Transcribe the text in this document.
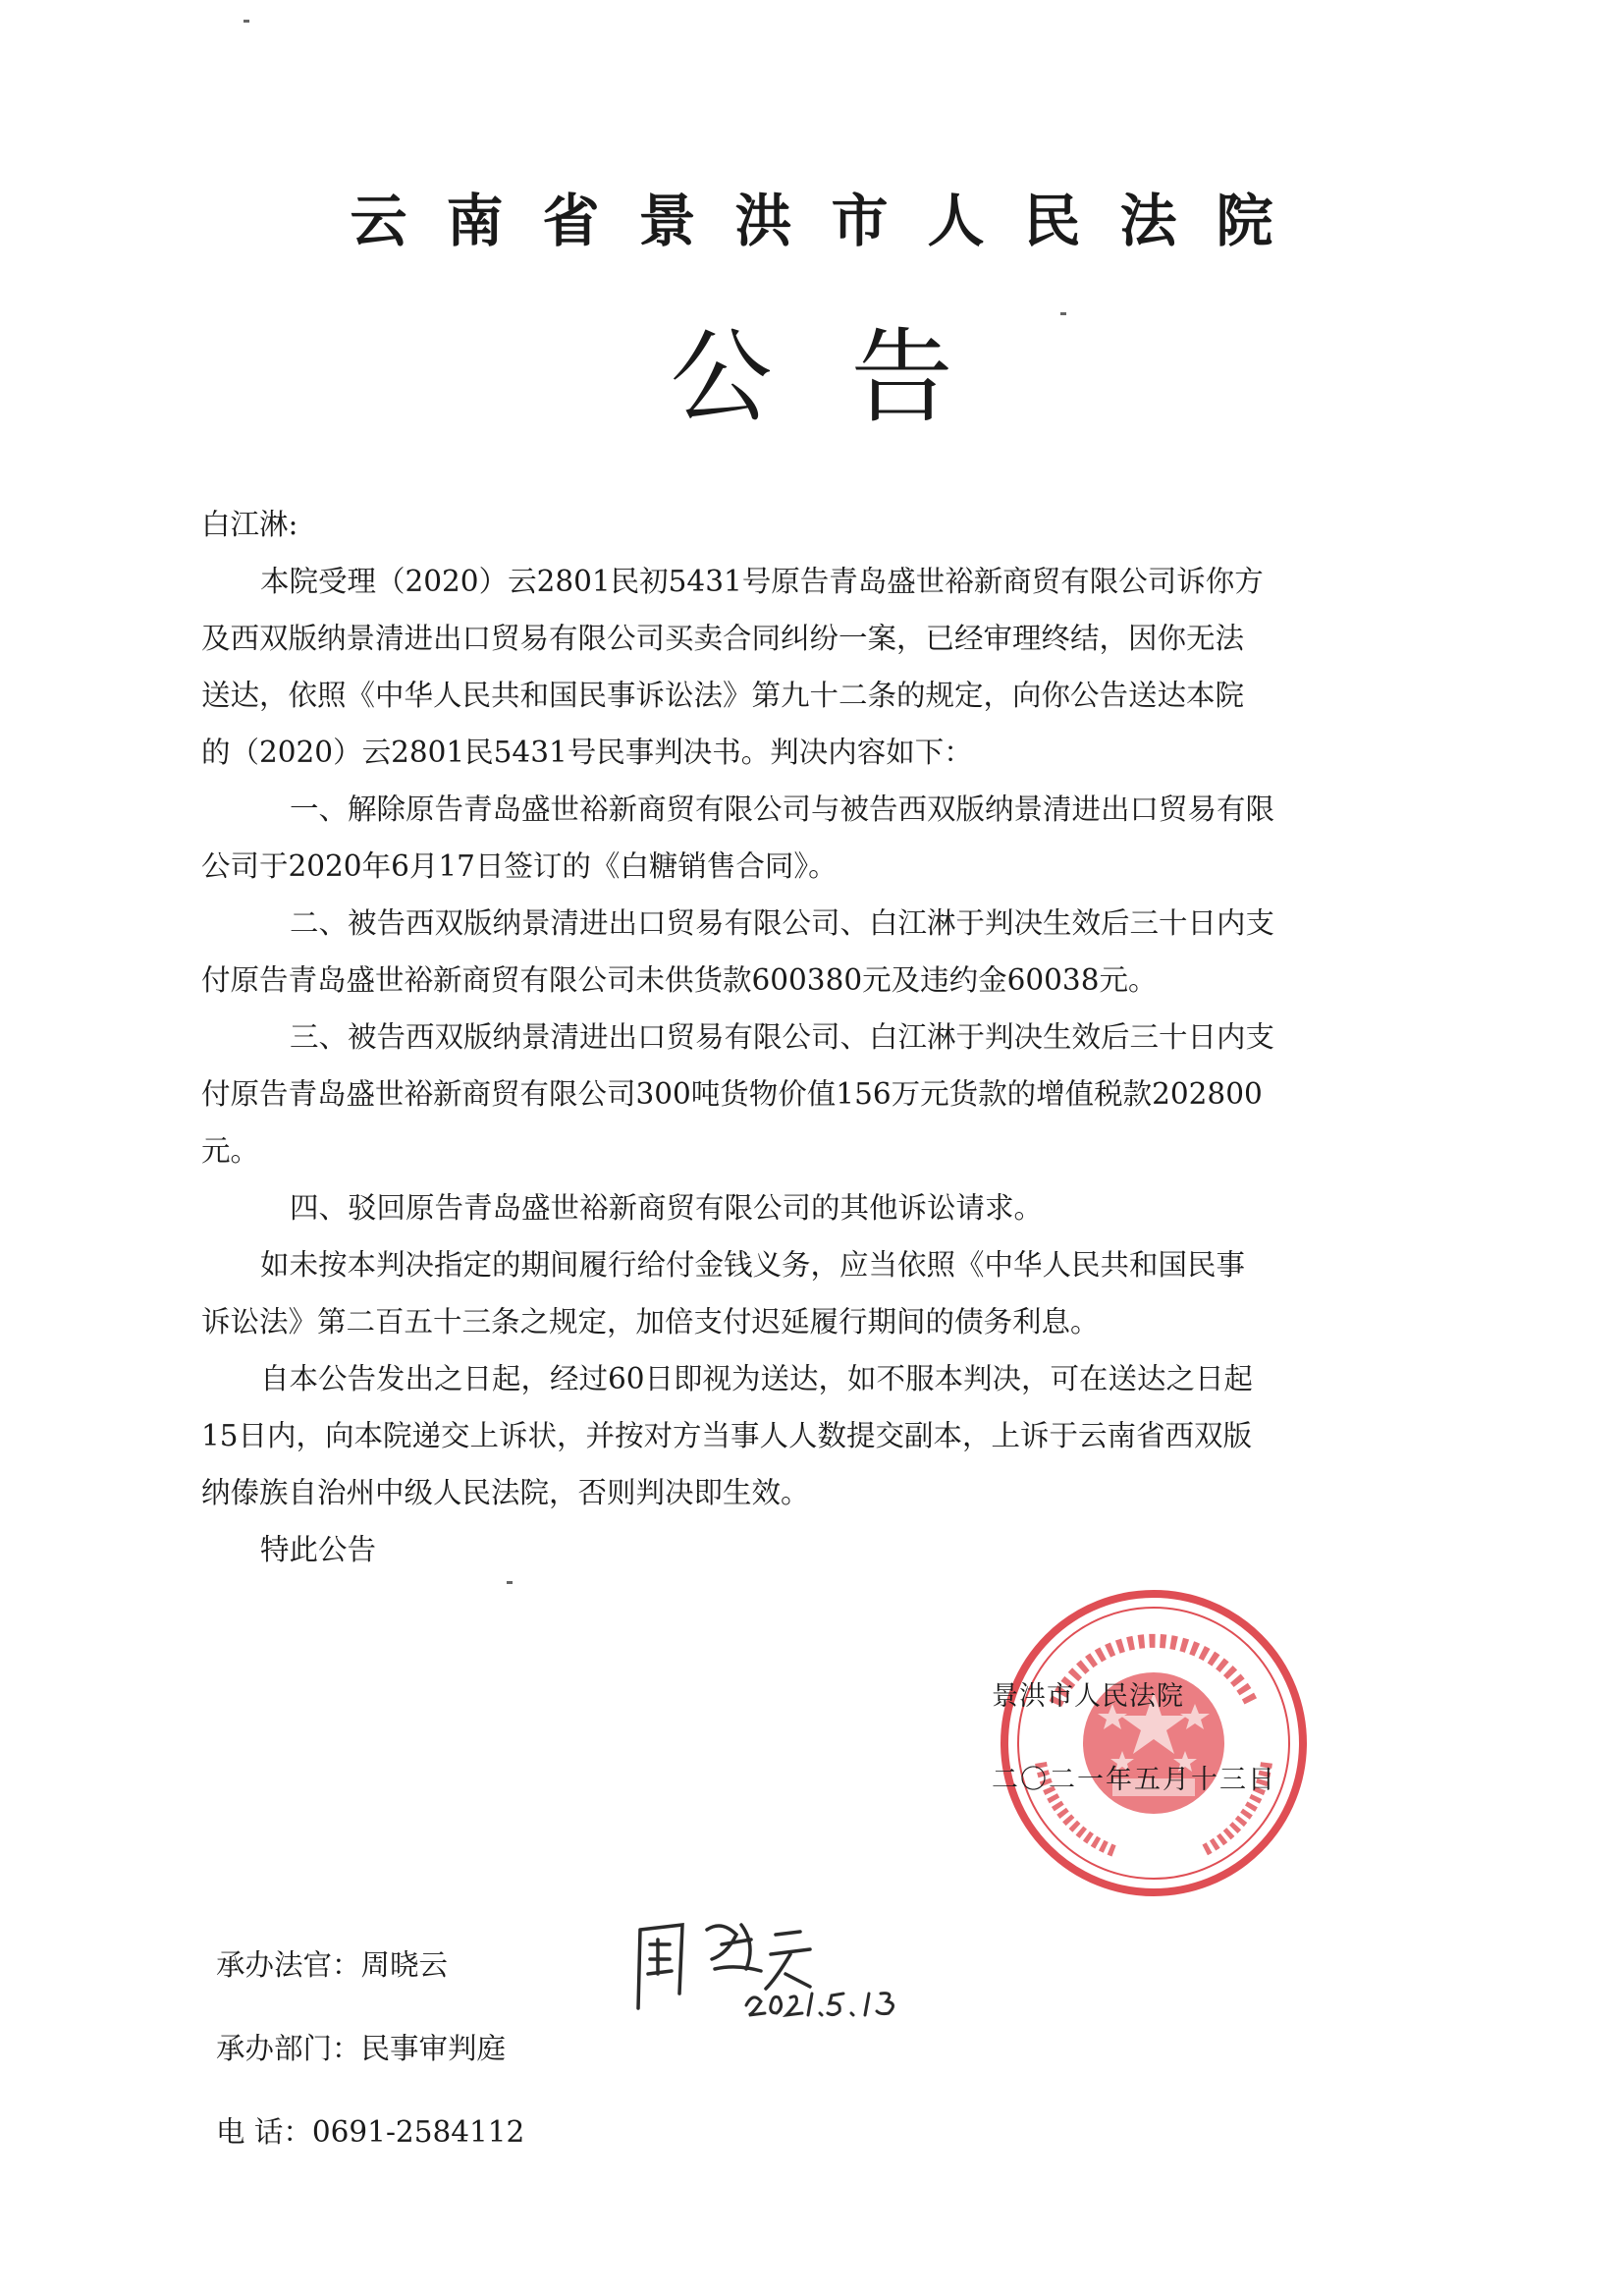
云南省景洪市人民法院
公告
白江淋:
本院受理（2020）云2801民初5431号原告青岛盛世裕新商贸有限公司诉你方
及西双版纳景清进出口贸易有限公司买卖合同纠纷一案，已经审理终结，因你无法
送达，依照《中华人民共和国民事诉讼法》第九十二条的规定，向你公告送达本院
的（2020）云2801民5431号民事判决书。判决内容如下：
一、解除原告青岛盛世裕新商贸有限公司与被告西双版纳景清进出口贸易有限
公司于2020年6月17日签订的《白糖销售合同》。
二、被告西双版纳景清进出口贸易有限公司、白江淋于判决生效后三十日内支
付原告青岛盛世裕新商贸有限公司未供货款600380元及违约金60038元。
三、被告西双版纳景清进出口贸易有限公司、白江淋于判决生效后三十日内支
付原告青岛盛世裕新商贸有限公司300吨货物价值156万元货款的增值税款202800
元。
四、驳回原告青岛盛世裕新商贸有限公司的其他诉讼请求。
如未按本判决指定的期间履行给付金钱义务，应当依照《中华人民共和国民事
诉讼法》第二百五十三条之规定，加倍支付迟延履行期间的债务利息。
自本公告发出之日起，经过60日即视为送达，如不服本判决，可在送达之日起
15日内，向本院递交上诉状，并按对方当事人人数提交副本，上诉于云南省西双版
纳傣族自治州中级人民法院，否则判决即生效。
特此公告
景洪市人民法院
二〇二一年五月十三日
承办法官：周晓云
承办部门：民事审判庭
电 话：0691-2584112
